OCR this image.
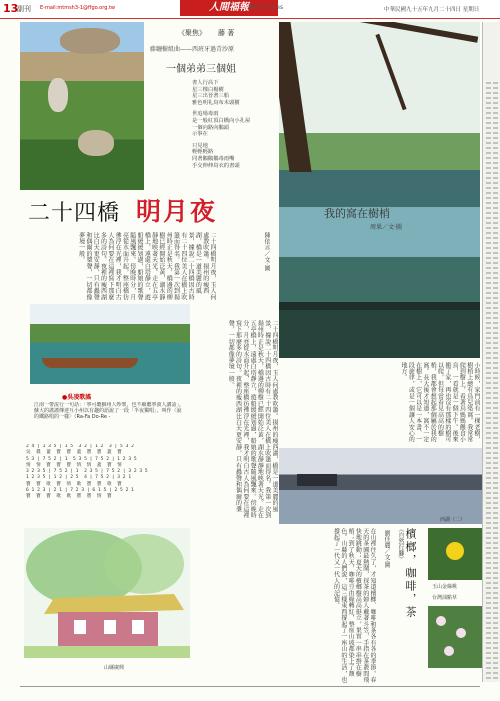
13
副刊 E-mail:mtmsh3-1@ffgo.org.tw	人間福報 Merit Times	中華民國九十五年九月二十四日 星期日
《聚焦》 藤 著
藤纏樹組曲——西班牙過青沙原
一個弟弟三個姐

書人行高下

星三棵白楊樹

星三出晉著三船

雅色明礼鳥布未頭樹

世追場毒雨

是一般紅頂白橋向小孔屋

一個向路向鵝頭

示事在

只見地

輕輕輕路

同著鵝鵝鵝毒雨嘴

手交伸伸鳥衣的書頭

我的窩在樹梢
周果／文‧圖
二十四橋 明月夜
陳依言／文‧圖
二十四橋明月夜，玉人何處教吹簫。揚州的瘦西湖，橋是一道美麗的風景，據說二十四橋因古時有二十四位美人在橋上吹簫而得名。我第一次到揚州時正是秋天，橋邊的柳樹已經開始泛黃，湖水靜靜地映著天光。走在五亭橋上，遠處白塔靜立，遊船緩緩划過，船娘的歌聲隨風飄來。傍晚時分，月亮從水面升起，整座橋彷彿浮在光裡，我才明白古人為何要在這裡寫下那麼多的詩句。夜裡的瘦西湖比白天更安靜，只有蟲聲和偶爾的槳聲，一切都像夢境一般。
●吳凌歌謠
江南一帶流行一句話：「寧可聽蘇州人吵架，也不願聽寧波人講話」。蘇大的謠謠傳達互小州以有趣的語說了一段「半夜獨唱」，叫作〈說的鐵路唱的一樣〉（Ra-Fa Do-Re -
2 4 | 1 3 5 | 1 5  3 2 | 1 2  3 | 5 3 2
吳  儂  蓋  寶  寶  蓋  寶  寶  蓋  寶
5 3 | 7 5 2 | 1  5 3 5 | 7 5 2 | 1 2 3 5
情  情  寶  寶  寶  情  情  蓋  寶  情
3 2 3 5 | 7 5 2 | 1  2 3 5 | 7 5 2 | 3 2 3 5
1 2 3 5 | 1 2 | 2 5  4 | 7 5 2 | 3 2 1
寶  寶  歌  寶  情  歌  寶  寶  歌  寶
6 1 2 3 | 2 1 | 7 2 3 | 6 1 5 | 2 5 2 1
寶  寶  寶  歌  歌  寶  寶  情  寶	二十四橋明月夜，玉人何處教吹簫。揚州的瘦西湖，橋是一道美麗的風景，據說二十四橋因古時有二十四位美人在橋上吹簫而得名。我第一次到揚州時正是秋天，橋邊的柳樹已經開始泛黃，湖水靜靜地映著天光。走在五亭橋上，遠處白塔靜立，遊船緩緩划過，船娘的歌聲隨風飄來。傍晚時分，月亮從水面升起，整座橋彷彿浮在光裡，我才明白古人為何要在這裡寫下那麼多的詩句。夜裡的瘦西湖比白天更安靜，只有蟲聲和偶爾的槳聲，一切都像夢境一般。
小時候，家門前有一棵老樹，樹梢上總有鳥兒築窩。我常常爬到樹上，看著鳥媽媽餵食小鳥，一看就是一個下午。後來搬了家，再也沒有那樣的樹可以爬，但每當看見高高的樹梢，我都會想起那個屬於我的窩。長大後才知道，窩不一定在樹上，它可以是一本書、一段旋律，或是一個讓人安心的地方。
西湖（二）
山縣廣興	在山裡住久了，才知道檳榔、咖啡和茶各有各的季節。春天的茶園最熱鬧，採茶的婦人戴著斗笠，手指在茶叢間飛快地跳動；夏天的檳榔樹高高挺立，果實一串串掛在樹梢；到了秋天，咖啡豆由綠轉紅，整座山坡都染上了顏色。山縣的人們說，這三樣東西撐起了一座山的生活，也撐起了一代又一代人的記憶。	劉佳麗／文‧圖 《自然行腳》 檳榔，咖啡，茶	玉山金絲桃
台灣油點草
